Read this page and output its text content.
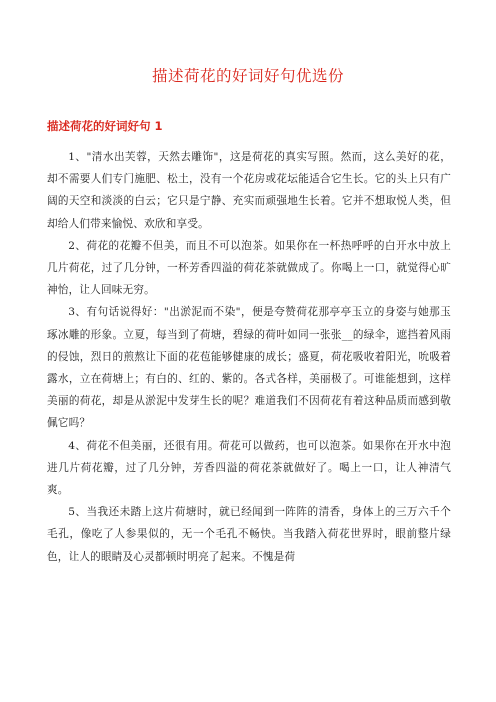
描述荷花的好词好句优选份
描述荷花的好词好句 1

1、"清水出芙蓉，天然去雕饰"，这是荷花的真实写照。然而，这么美好的花，却不需要人们专门施肥、松土，没有一个花房或花坛能适合它生长。它的头上只有广阔的天空和淡淡的白云；它只是宁静、充实而顽强地生长着。它并不想取悦人类，但却给人们带来愉悦、欢欣和享受。

2、荷花的花瓣不但美，而且不可以泡茶。如果你在一杯热呼呼的白开水中放上几片荷花，过了几分钟，一杯芳香四溢的荷花茶就做成了。你喝上一口，就觉得心旷神怡，让人回味无穷。

3、有句话说得好："出淤泥而不染"，便是夸赞荷花那亭亭玉立的身姿与她那玉琢冰雕的形象。立夏，每当到了荷塘，碧绿的荷叶如同一张张__的绿伞，遮挡着风雨的侵蚀，烈日的煎熬让下面的花苞能够健康的成长；盛夏，荷花吸收着阳光，吮吸着露水，立在荷塘上；有白的、红的、紫的。各式各样，美丽极了。可谁能想到，这样美丽的荷花，却是从淤泥中发芽生长的呢？难道我们不因荷花有着这种品质而感到敬佩它吗？

4、荷花不但美丽，还很有用。荷花可以做药，也可以泡茶。如果你在开水中泡进几片荷花瓣，过了几分钟，芳香四溢的荷花茶就做好了。喝上一口，让人神清气爽。

5、当我还未踏上这片荷塘时，就已经闻到一阵阵的清香，身体上的三万六千个毛孔，像吃了人参果似的，无一个毛孔不畅快。当我踏入荷花世界时，眼前整片绿色，让人的眼睛及心灵都顿时明亮了起来。不愧是荷
